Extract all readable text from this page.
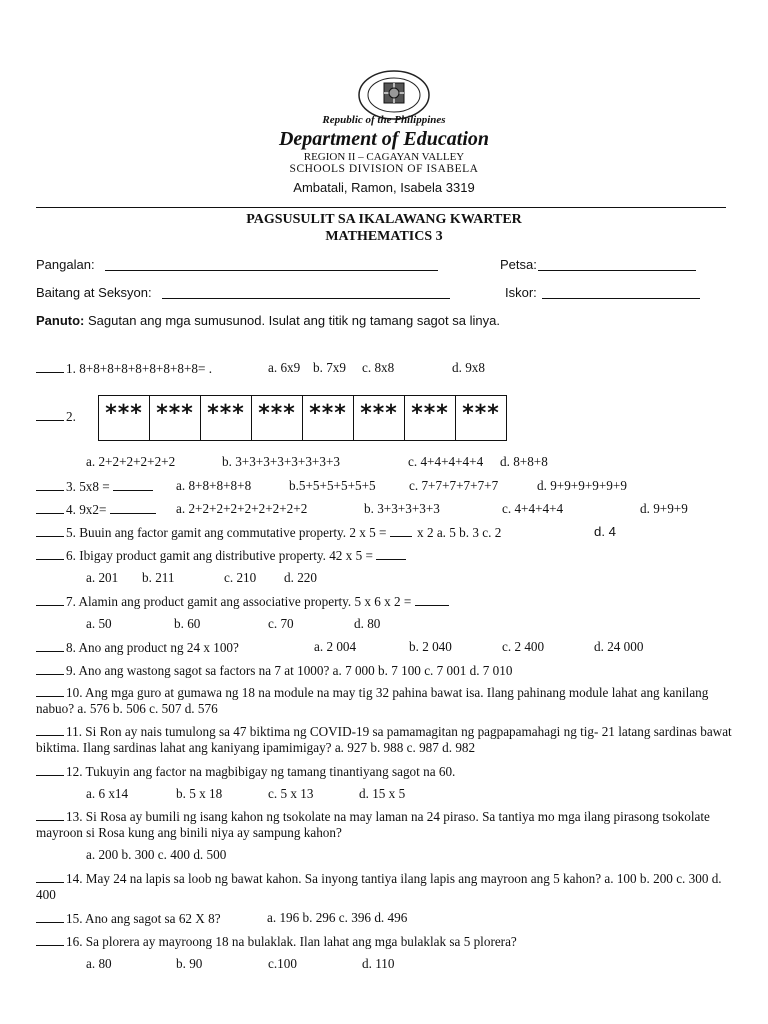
Republic of the Philippines
Department of Education
REGION II – CAGAYAN VALLEY
SCHOOLS DIVISION OF ISABELA
Ambatali, Ramon, Isabela 3319
PAGSUSULIT SA IKALAWANG KWARTER
MATHEMATICS 3
Pangalan:	Petsa:
Baitang at Seksyon:	Iskor:
Panuto: Sagutan ang mga sumusunod. Isulat ang titik ng tamang sagot sa linya.
1. 8+8+8+8+8+8+8+8+8= .	a. 6x9 b. 7x9 c. 8x8	d. 9x8
2. *** *** *** *** *** *** *** ***
a. 2+2+2+2+2+2	b. 3+3+3+3+3+3+3+3	c. 4+4+4+4+4 d. 8+8+8
3. 5x8 =	a. 8+8+8+8+8	b.5+5+5+5+5+5	c. 7+7+7+7+7+7	d. 9+9+9+9+9+9
4. 9x2=	a. 2+2+2+2+2+2+2+2+2	b. 3+3+3+3+3	c. 4+4+4+4	d. 9+9+9
5. Buuin ang factor gamit ang commutative property. 2 x 5 = x 2 a. 5 b. 3 c. 2	d. 4
6. Ibigay product gamit ang distributive property. 42 x 5 =
a. 201 b. 211	c. 210 d. 220
7. Alamin ang product gamit ang associative property. 5 x 6 x 2 =
a. 50	b. 60	c. 70	d. 80
8. Ano ang product ng 24 x 100?	a. 2 004	b. 2 040	c. 2 400	d. 24 000
9. Ano ang wastong sagot sa factors na 7 at 1000? a. 7 000 b. 7 100 c. 7 001 d. 7 010
10. Ang mga guro at gumawa ng 18 na module na may tig 32 pahina bawat isa. Ilang pahinang module lahat ang kanilang nabuo? a. 576 b. 506 c. 507 d. 576
11. Si Ron ay nais tumulong sa 47 biktima ng COVID-19 sa pamamagitan ng pagpapamahagi ng tig- 21 latang sardinas bawat biktima. Ilang sardinas lahat ang kaniyang ipamimigay? a. 927 b. 988 c. 987 d. 982
12. Tukuyin ang factor na magbibigay ng tamang tinantiyang sagot na 60.
a. 6 x14	b. 5 x 18	c. 5 x 13	d. 15 x 5
13. Si Rosa ay bumili ng isang kahon ng tsokolate na may laman na 24 piraso. Sa tantiya mo mga ilang pirasong tsokolate mayroon si Rosa kung ang binili niya ay sampung kahon?
a. 200 b. 300 c. 400 d. 500
14. May 24 na lapis sa loob ng bawat kahon. Sa inyong tantiya ilang lapis ang mayroon ang 5 kahon? a. 100 b. 200 c. 300 d. 400
15. Ano ang sagot sa 62 X 8?	a. 196 b. 296 c. 396 d. 496
16. Sa plorera ay mayroong 18 na bulaklak. Ilan lahat ang mga bulaklak sa 5 plorera?
a. 80	b. 90	c.100	d. 110
